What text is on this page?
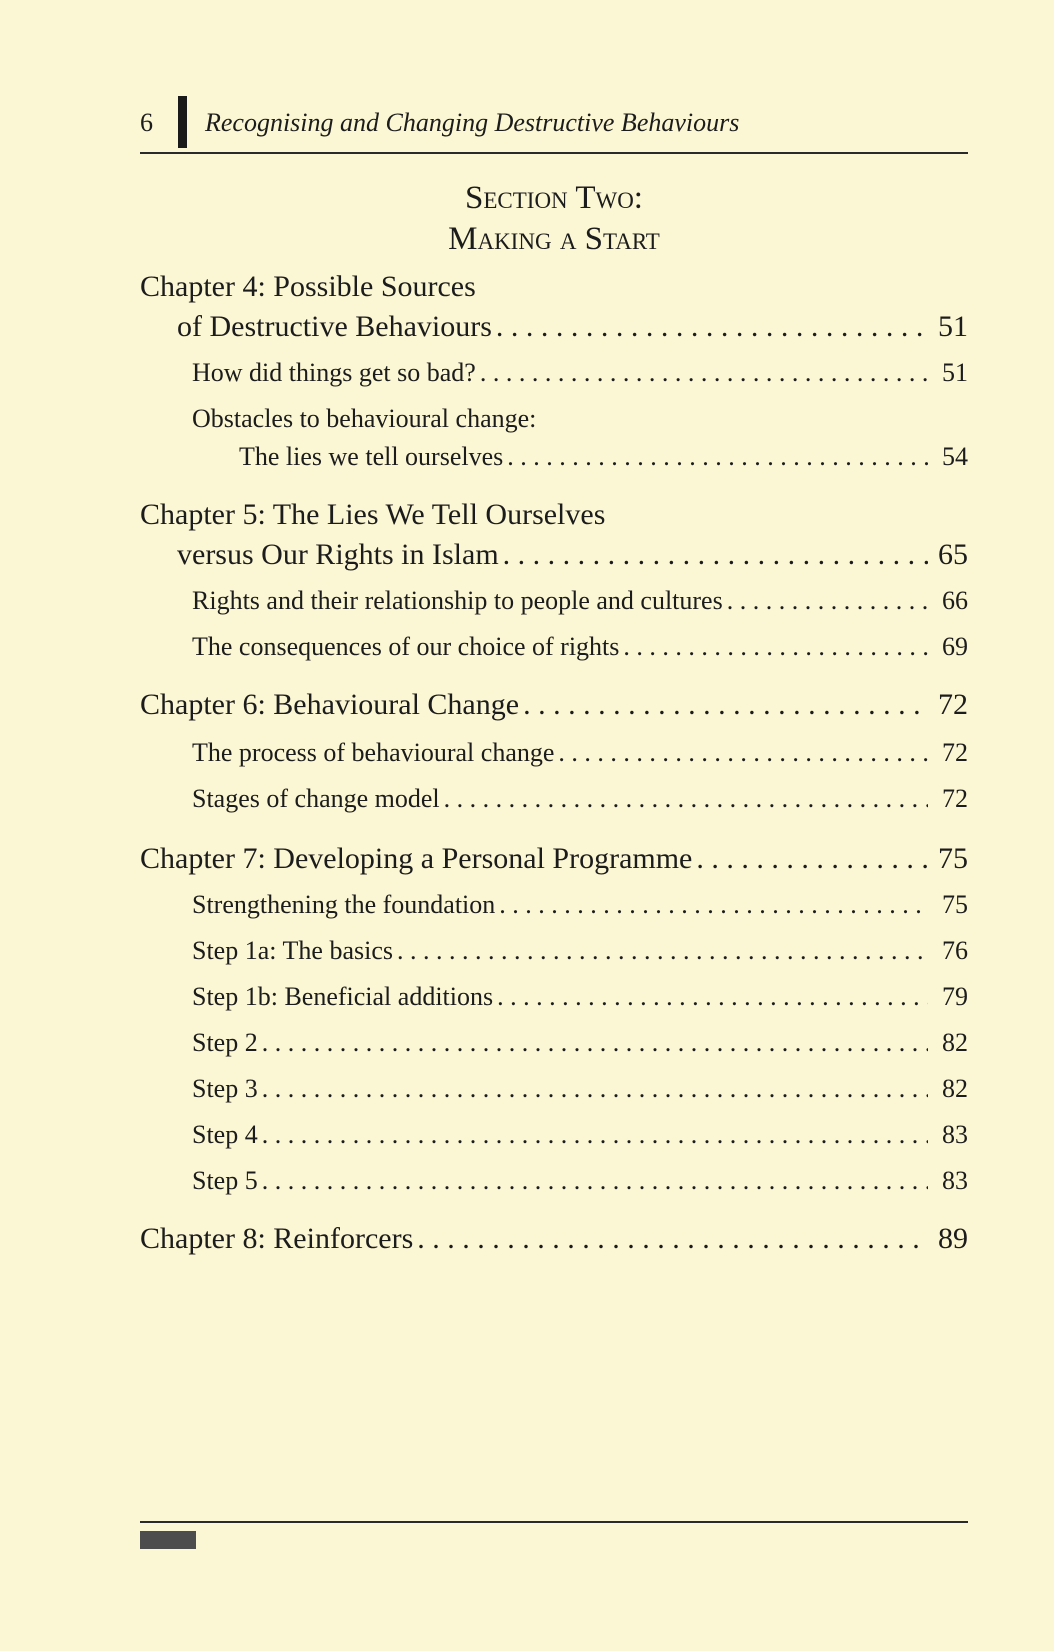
6 Recognising and Changing Destructive Behaviours
Section Two:
Making a Start
Chapter 4: Possible Sources
of Destructive Behaviours . . .	51
How did things get so bad? . . .	51
Obstacles to behavioural change:
The lies we tell ourselves . . .	54
Chapter 5: The Lies We Tell Ourselves
versus Our Rights in Islam . . .	65
Rights and their relationship to people and cultures . . .	66
The consequences of our choice of rights . . .	69
Chapter 6: Behavioural Change . . .	72
The process of behavioural change . . .	72
Stages of change model . . .	72
Chapter 7: Developing a Personal Programme . . .	75
Strengthening the foundation . . .	75
Step 1a: The basics . . .	76
Step 1b: Beneficial additions . . .	79
Step 2 . . .	82
Step 3 . . .	82
Step 4 . . .	83
Step 5 . . .	83
Chapter 8: Reinforcers . . .	89
